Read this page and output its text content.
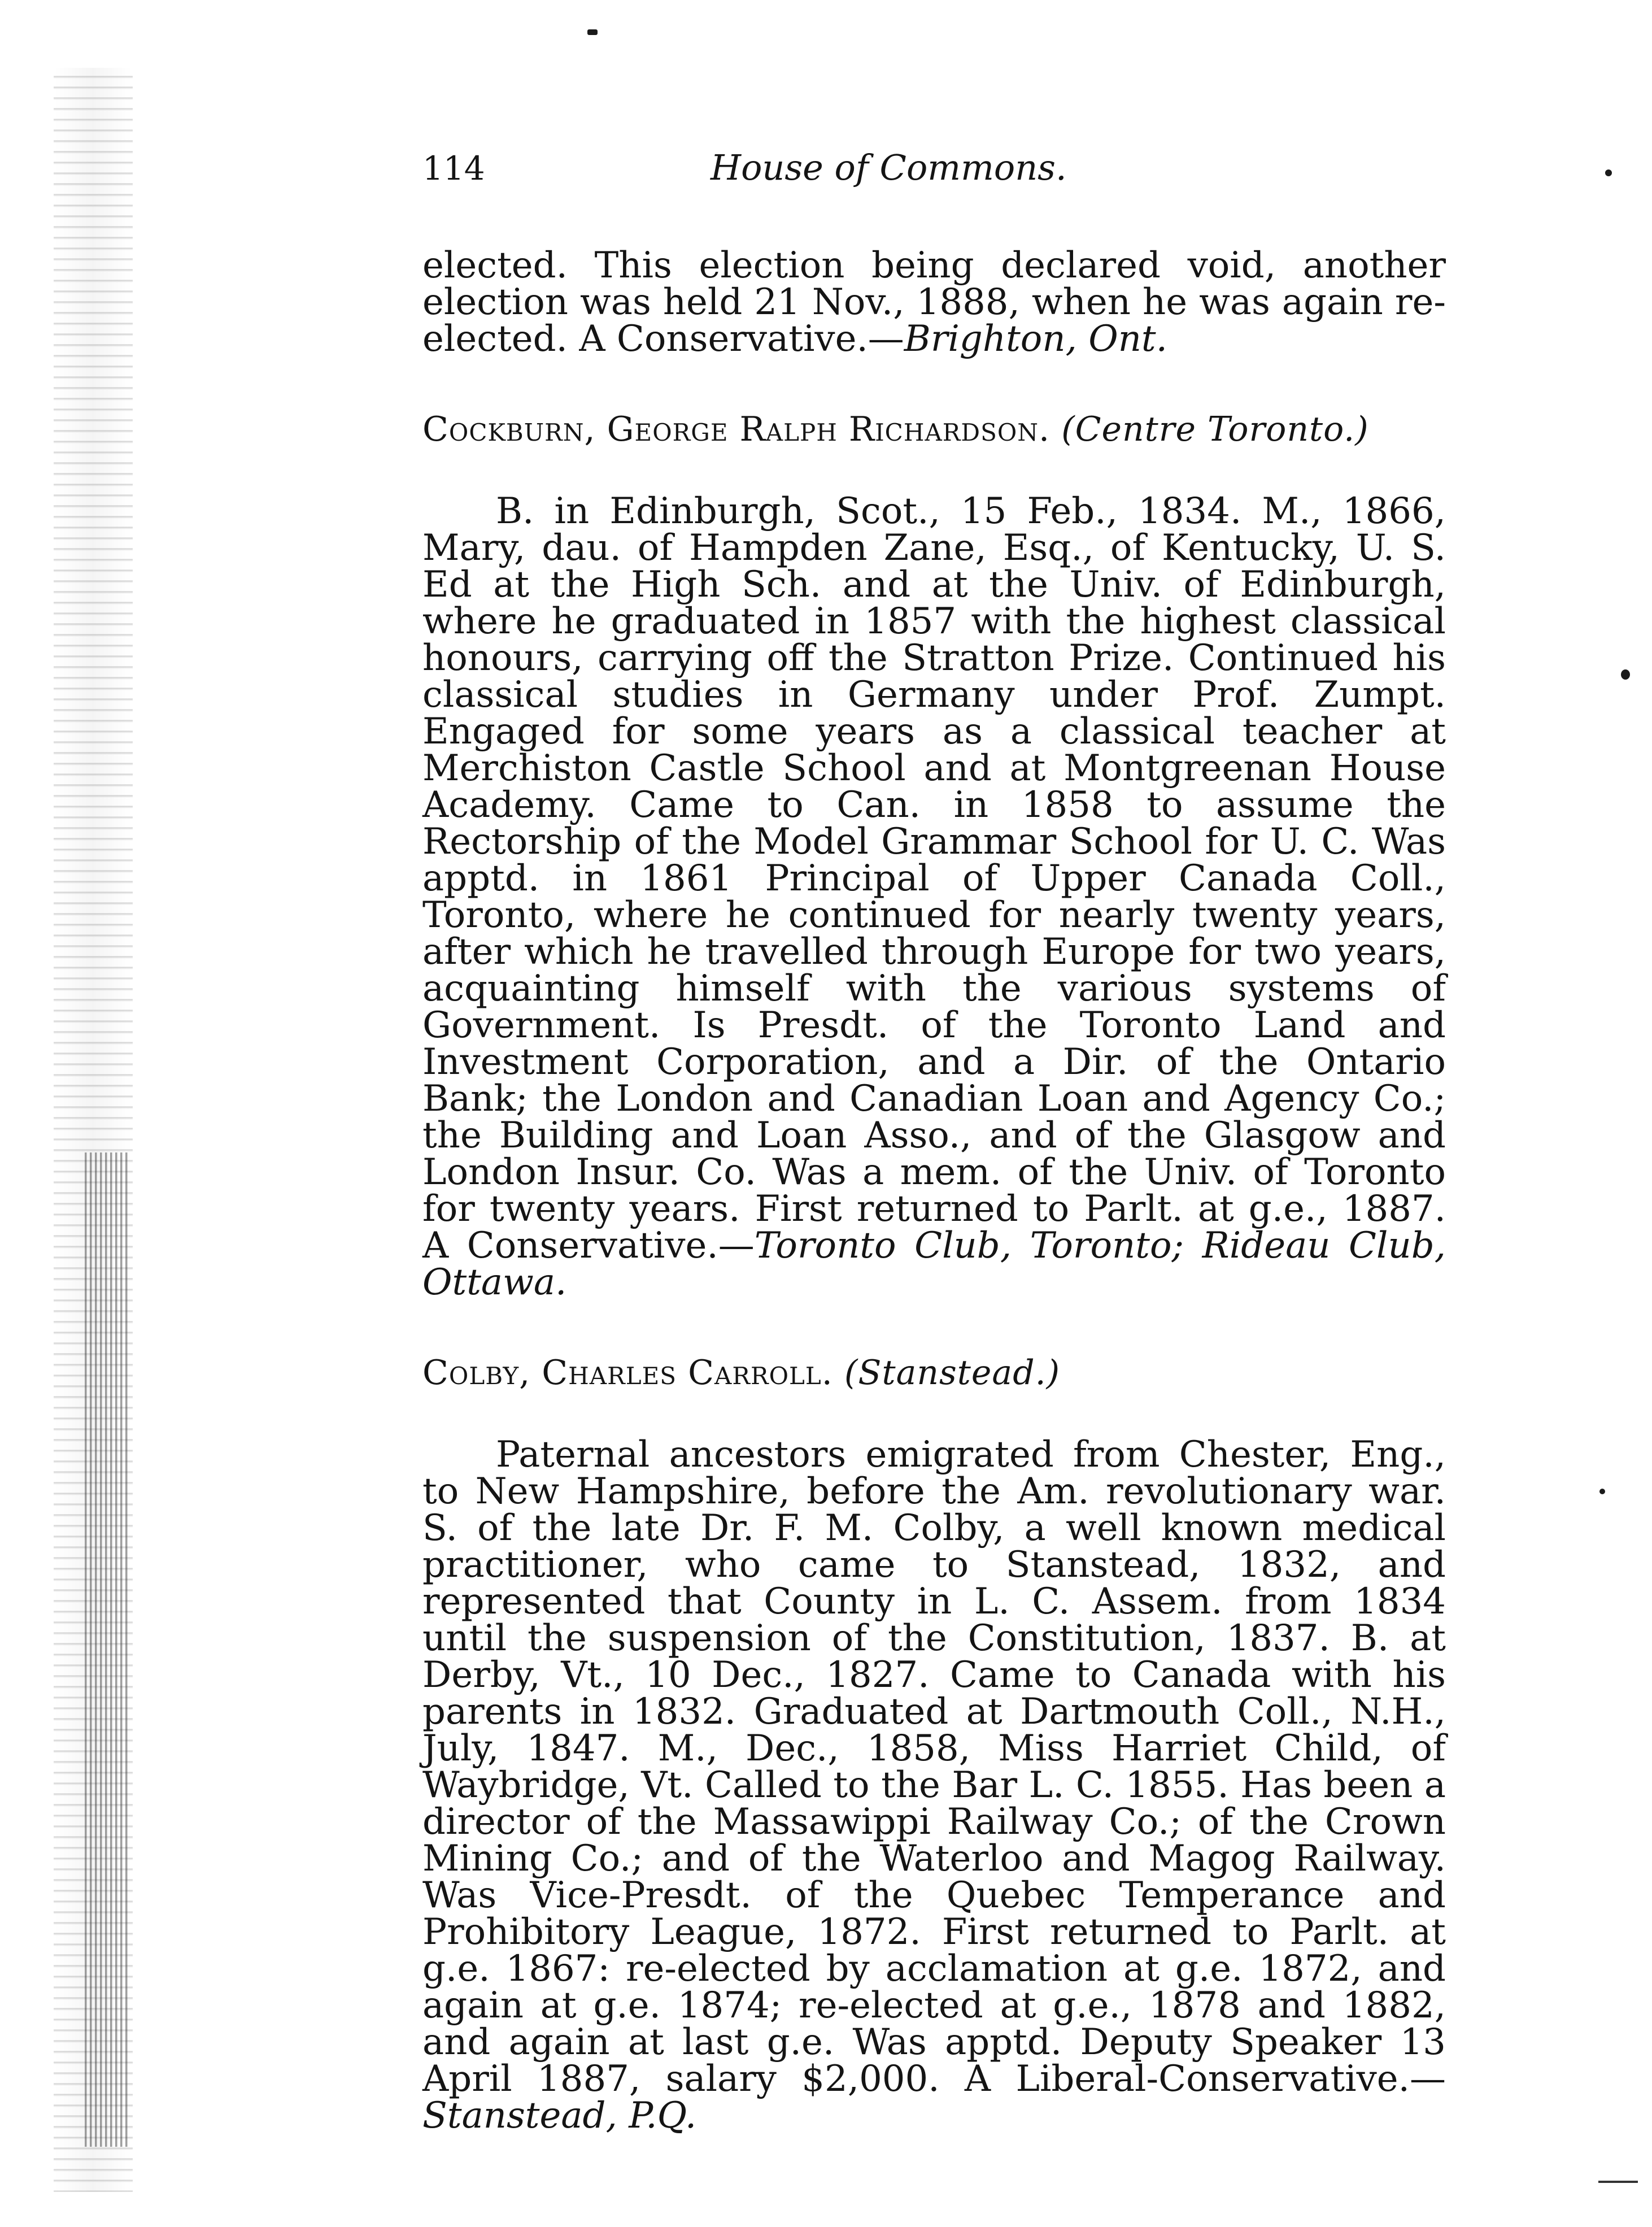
114	House of Commons.

elected. This election being declared void, another election was held 21 Nov., 1888, when he was again re-elected. A Conservative.—Brighton, Ont.

Cockburn, George Ralph Richardson. (Centre Toronto.)

B. in Edinburgh, Scot., 15 Feb., 1834. M., 1866, Mary, dau. of Hampden Zane, Esq., of Kentucky, U. S. Ed at the High Sch. and at the Univ. of Edinburgh, where he graduated in 1857 with the highest classical honours, carrying off the Stratton Prize. Continued his classical studies in Germany under Prof. Zumpt. Engaged for some years as a classical teacher at Merchiston Castle School and at Montgreenan House Academy. Came to Can. in 1858 to assume the Rectorship of the Model Grammar School for U. C. Was apptd. in 1861 Principal of Upper Canada Coll., Toronto, where he continued for nearly twenty years, after which he travelled through Europe for two years, acquainting himself with the various systems of Government. Is Presdt. of the Toronto Land and Investment Corporation, and a Dir. of the Ontario Bank; the London and Canadian Loan and Agency Co.; the Building and Loan Asso., and of the Glasgow and London Insur. Co. Was a mem. of the Univ. of Toronto for twenty years. First returned to Parlt. at g.e., 1887. A Conservative.—Toronto Club, Toronto; Rideau Club, Ottawa.

Colby, Charles Carroll. (Stanstead.)

Paternal ancestors emigrated from Chester, Eng., to New Hampshire, before the Am. revolutionary war. S. of the late Dr. F. M. Colby, a well known medical practitioner, who came to Stanstead, 1832, and represented that County in L. C. Assem. from 1834 until the suspension of the Constitution, 1837. B. at Derby, Vt., 10 Dec., 1827. Came to Canada with his parents in 1832. Graduated at Dartmouth Coll., N.H., July, 1847. M., Dec., 1858, Miss Harriet Child, of Waybridge, Vt. Called to the Bar L. C. 1855. Has been a director of the Massawippi Railway Co.; of the Crown Mining Co.; and of the Waterloo and Magog Railway. Was Vice-Presdt. of the Quebec Temperance and Prohibitory League, 1872. First returned to Parlt. at g.e. 1867: re-elected by acclamation at g.e. 1872, and again at g.e. 1874; re-elected at g.e., 1878 and 1882, and again at last g.e. Was apptd. Deputy Speaker 13 April 1887, salary $2,000. A Liberal-Conservative.—Stanstead, P.Q.
